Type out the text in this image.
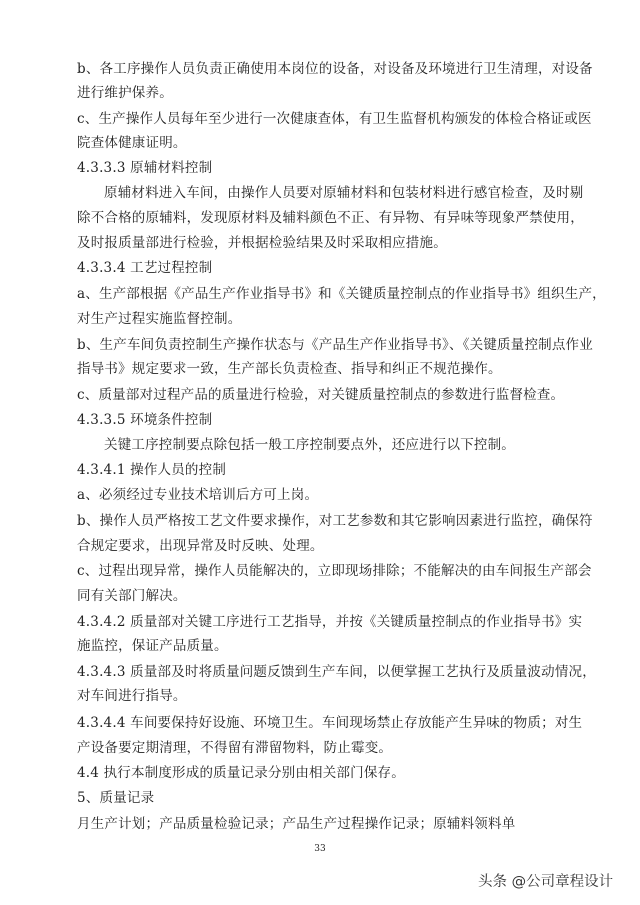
b、各工序操作人员负责正确使用本岗位的设备，对设备及环境进行卫生清理，对设备
进行维护保养。
c、生产操作人员每年至少进行一次健康查体，有卫生监督机构颁发的体检合格证或医
院查体健康证明。
4.3.3.3 原辅材料控制
原辅材料进入车间，由操作人员要对原辅材料和包装材料进行感官检查，及时剔
除不合格的原辅料，发现原材料及辅料颜色不正、有异物、有异味等现象严禁使用，
及时报质量部进行检验，并根据检验结果及时采取相应措施。
4.3.3.4 工艺过程控制
a、生产部根据《产品生产作业指导书》和《关键质量控制点的作业指导书》组织生产，
对生产过程实施监督控制。
b、生产车间负责控制生产操作状态与《产品生产作业指导书》、《关键质量控制点作业
指导书》规定要求一致，生产部长负责检查、指导和纠正不规范操作。
c、质量部对过程产品的质量进行检验，对关键质量控制点的参数进行监督检查。
4.3.3.5 环境条件控制
关键工序控制要点除包括一般工序控制要点外，还应进行以下控制。
4.3.4.1 操作人员的控制
a、必须经过专业技术培训后方可上岗。
b、操作人员严格按工艺文件要求操作，对工艺参数和其它影响因素进行监控，确保符
合规定要求，出现异常及时反映、处理。
c、过程出现异常，操作人员能解决的，立即现场排除；不能解决的由车间报生产部会
同有关部门解决。
4.3.4.2 质量部对关键工序进行工艺指导，并按《关键质量控制点的作业指导书》实
施监控，保证产品质量。
4.3.4.3 质量部及时将质量问题反馈到生产车间，以便掌握工艺执行及质量波动情况，
对车间进行指导。
4.3.4.4 车间要保持好设施、环境卫生。车间现场禁止存放能产生异味的物质；对生
产设备要定期清理，不得留有滞留物料，防止霉变。
4.4 执行本制度形成的质量记录分别由相关部门保存。
5、质量记录
月生产计划；产品质量检验记录；产品生产过程操作记录；原辅料领料单
33
头条 @公司章程设计
